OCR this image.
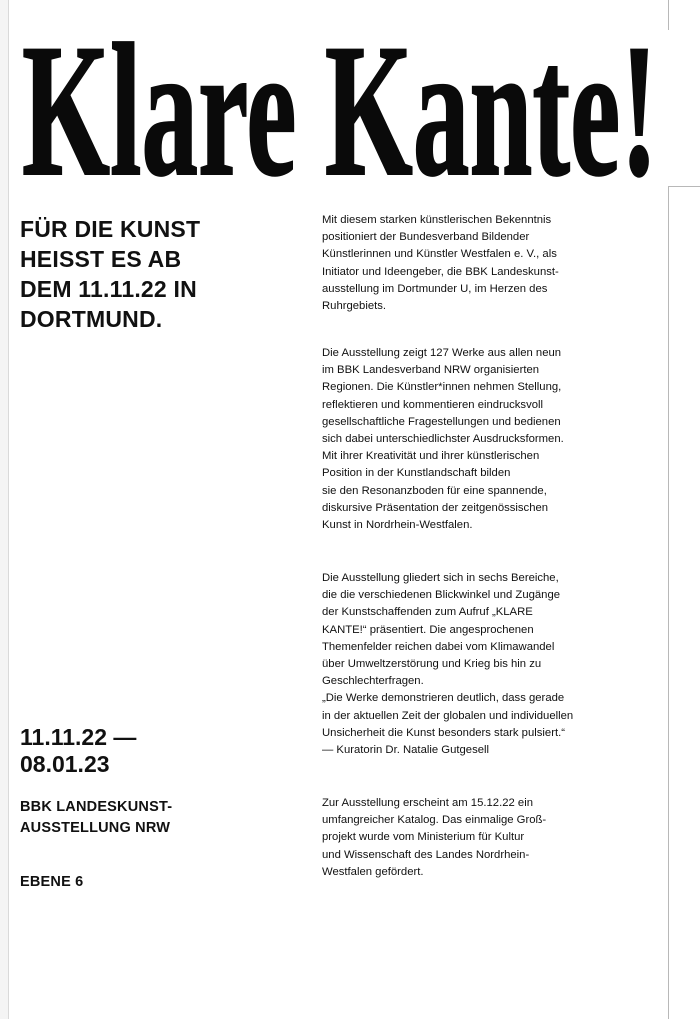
Klare Kante!

FÜR DIE KUNST
HEISST ES AB
DEM 11.11.22 IN
DORTMUND.

11.11.22 —
08.01.23

BBK LANDESKUNST-
AUSSTELLUNG NRW

EBENE 6

Mit diesem starken künstlerischen Bekenntnis
positioniert der Bundesverband Bildender
Künstlerinnen und Künstler Westfalen e. V., als
Initiator und Ideengeber, die BBK Landeskunst-
ausstellung im Dortmunder U, im Herzen des
Ruhrgebiets.

Die Ausstellung zeigt 127 Werke aus allen neun
im BBK Landesverband NRW organisierten
Regionen. Die Künstler*innen nehmen Stellung,
reflektieren und kommentieren eindrucksvoll
gesellschaftliche Fragestellungen und bedienen
sich dabei unterschiedlichster Ausdrucksformen.
Mit ihrer Kreativität und ihrer künstlerischen
Position in der Kunstlandschaft bilden
sie den Resonanzboden für eine spannende,
diskursive Präsentation der zeitgenössischen
Kunst in Nordrhein-Westfalen.

Die Ausstellung gliedert sich in sechs Bereiche,
die die verschiedenen Blickwinkel und Zugänge
der Kunstschaffenden zum Aufruf „KLARE
KANTE!“ präsentiert. Die angesprochenen
Themenfelder reichen dabei vom Klimawandel
über Umweltzerstörung und Krieg bis hin zu
Geschlechterfragen.
„Die Werke demonstrieren deutlich, dass gerade
in der aktuellen Zeit der globalen und individuellen
Unsicherheit die Kunst besonders stark pulsiert.“
— Kuratorin Dr. Natalie Gutgesell

Zur Ausstellung erscheint am 15.12.22 ein
umfangreicher Katalog. Das einmalige Groß-
projekt wurde vom Ministerium für Kultur
und Wissenschaft des Landes Nordrhein-
Westfalen gefördert.
